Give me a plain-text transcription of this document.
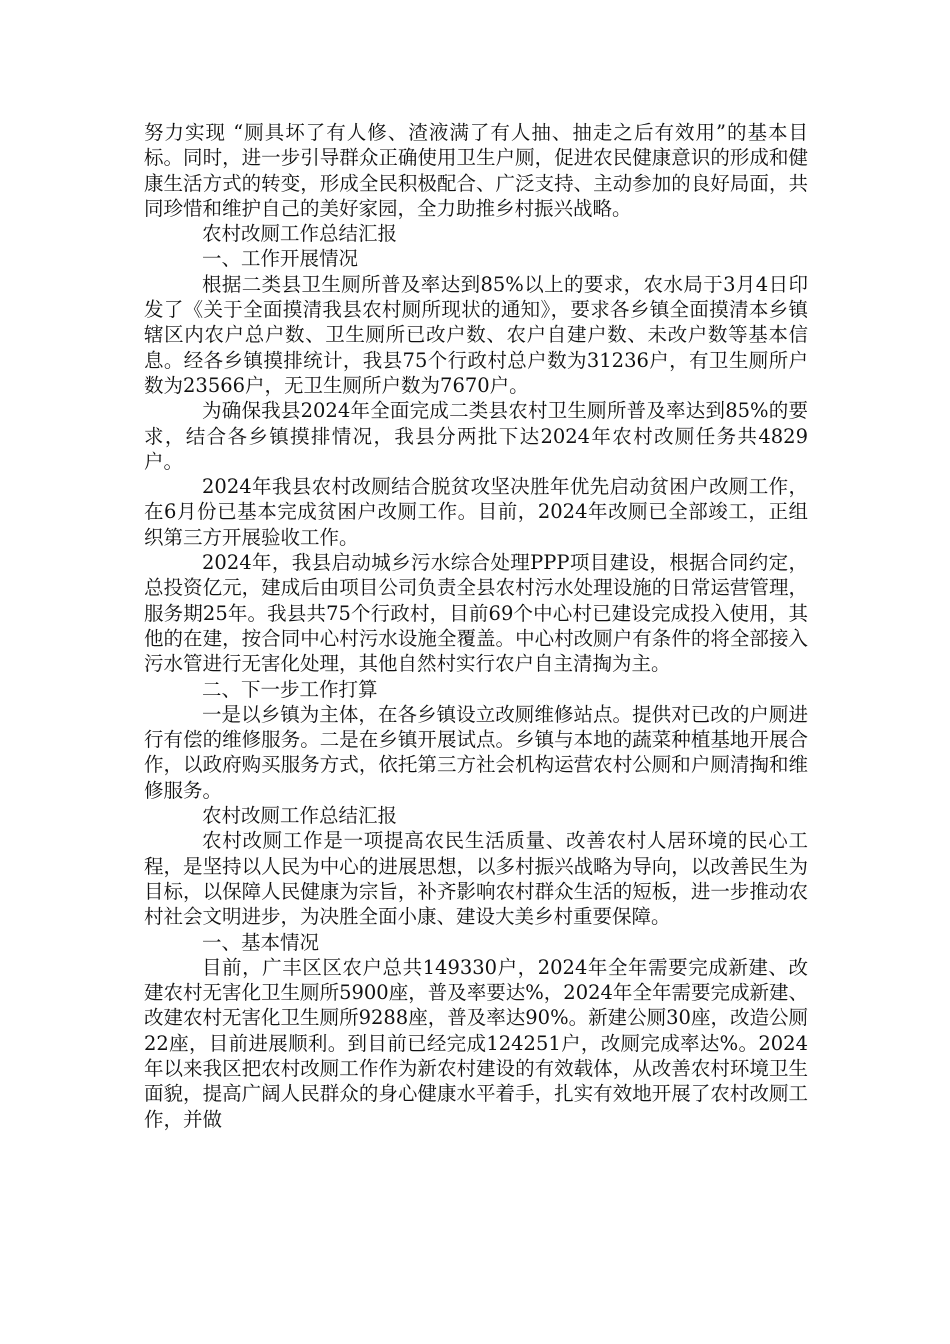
努力实现 “厕具坏了有人修、渣液满了有人抽、抽走之后有效用”的基本目标。同时，进一步引导群众正确使用卫生户厕，促进农民健康意识的形成和健康生活方式的转变，形成全民积极配合、广泛支持、主动参加的良好局面，共同珍惜和维护自己的美好家园，全力助推乡村振兴战略。

农村改厕工作总结汇报

一、工作开展情况

根据二类县卫生厕所普及率达到85%以上的要求，农水局于3月4日印发了《关于全面摸清我县农村厕所现状的通知》，要求各乡镇全面摸清本乡镇辖区内农户总户数、卫生厕所已改户数、农户自建户数、未改户数等基本信息。经各乡镇摸排统计，我县75个行政村总户数为31236户，有卫生厕所户数为23566户，无卫生厕所户数为7670户。

为确保我县2024年全面完成二类县农村卫生厕所普及率达到85%的要求，结合各乡镇摸排情况，我县分两批下达2024年农村改厕任务共4829户。

2024年我县农村改厕结合脱贫攻坚决胜年优先启动贫困户改厕工作，在6月份已基本完成贫困户改厕工作。目前，2024年改厕已全部竣工，正组织第三方开展验收工作。

2024年，我县启动城乡污水综合处理PPP项目建设，根据合同约定，总投资亿元，建成后由项目公司负责全县农村污水处理设施的日常运营管理，服务期25年。我县共75个行政村，目前69个中心村已建设完成投入使用，其他的在建，按合同中心村污水设施全覆盖。中心村改厕户有条件的将全部接入污水管进行无害化处理，其他自然村实行农户自主清掏为主。

二、下一步工作打算

一是以乡镇为主体，在各乡镇设立改厕维修站点。提供对已改的户厕进行有偿的维修服务。二是在乡镇开展试点。乡镇与本地的蔬菜种植基地开展合作，以政府购买服务方式，依托第三方社会机构运营农村公厕和户厕清掏和维修服务。

农村改厕工作总结汇报

农村改厕工作是一项提高农民生活质量、改善农村人居环境的民心工程，是坚持以人民为中心的进展思想，以多村振兴战略为导向，以改善民生为目标，以保障人民健康为宗旨，补齐影响农村群众生活的短板，进一步推动农村社会文明进步，为决胜全面小康、建设大美乡村重要保障。

一、基本情况

目前，广丰区区农户总共149330户，2024年全年需要完成新建、改建农村无害化卫生厕所5900座，普及率要达%，2024年全年需要完成新建、改建农村无害化卫生厕所9288座，普及率达90%。新建公厕30座，改造公厕22座，目前进展顺利。到目前已经完成124251户，改厕完成率达%。2024年以来我区把农村改厕工作作为新农村建设的有效载体，从改善农村环境卫生面貌，提高广阔人民群众的身心健康水平着手，扎实有效地开展了农村改厕工作，并做
